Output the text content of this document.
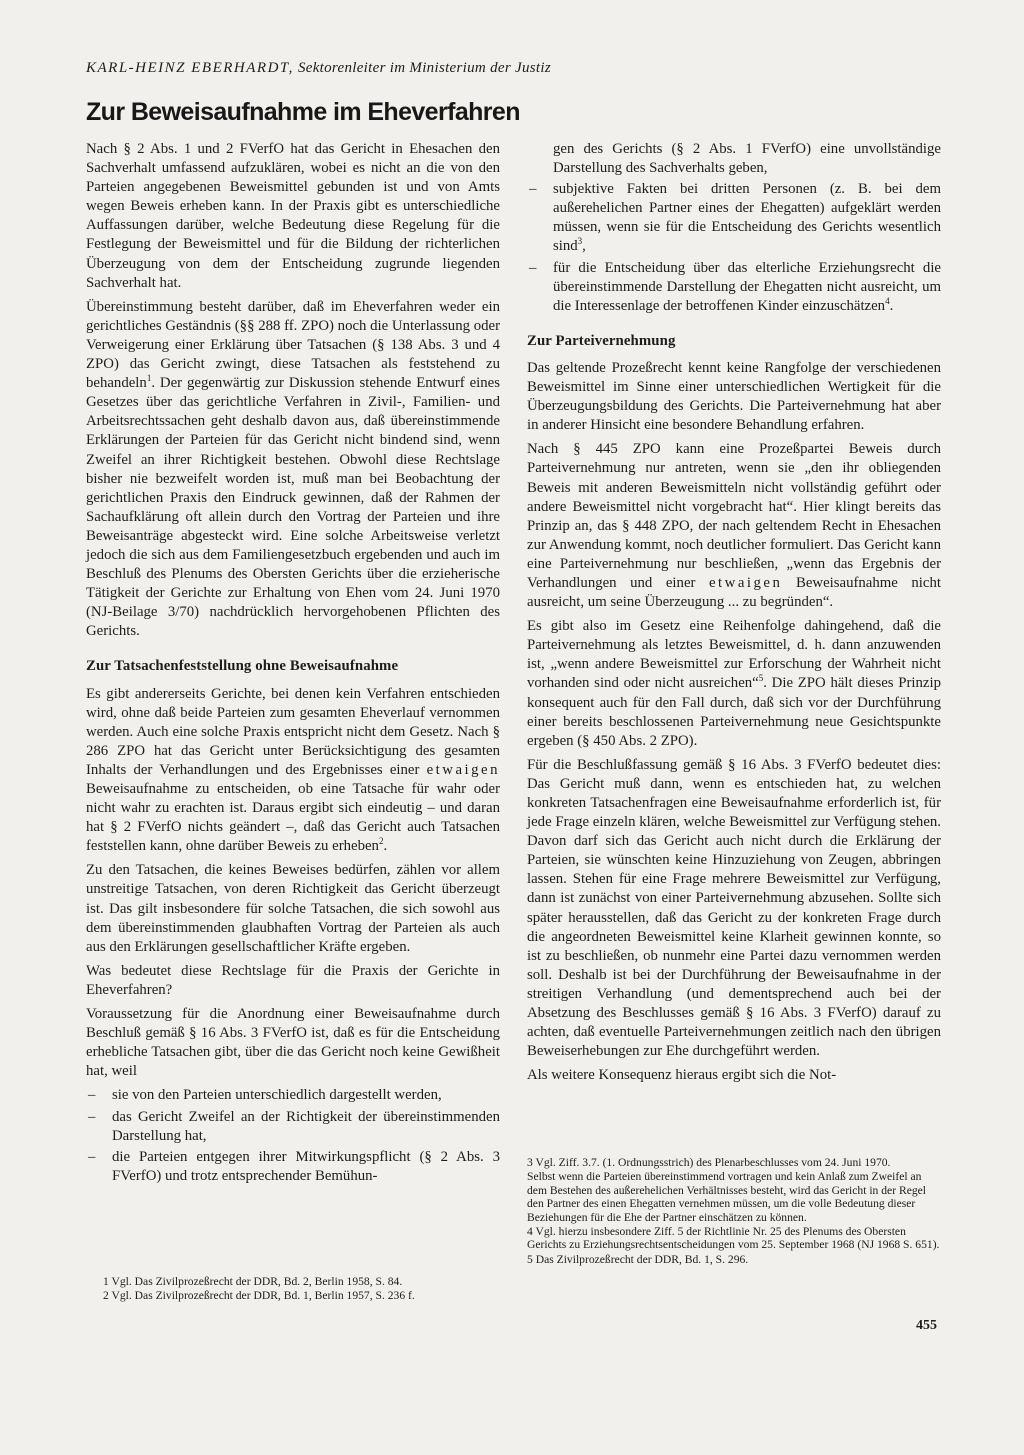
KARL-HEINZ EBERHARDT, Sektorenleiter im Ministerium der Justiz
Zur Beweisaufnahme im Eheverfahren

Nach § 2 Abs. 1 und 2 FVerfO hat das Gericht in Ehesachen den Sachverhalt umfassend aufzuklären, wobei es nicht an die von den Parteien angegebenen Beweismittel gebunden ist und von Amts wegen Beweis erheben kann. In der Praxis gibt es unterschiedliche Auffassungen darüber, welche Bedeutung diese Regelung für die Festlegung der Beweismittel und für die Bildung der richterlichen Überzeugung von dem der Entscheidung zugrunde liegenden Sachverhalt hat.

Übereinstimmung besteht darüber, daß im Eheverfahren weder ein gerichtliches Geständnis (§§ 288 ff. ZPO) noch die Unterlassung oder Verweigerung einer Erklärung über Tatsachen (§ 138 Abs. 3 und 4 ZPO) das Gericht zwingt, diese Tatsachen als feststehend zu behandeln$^1$. Der gegenwärtig zur Diskussion stehende Entwurf eines Gesetzes über das gerichtliche Verfahren in Zivil-, Familien- und Arbeitsrechtssachen geht deshalb davon aus, daß übereinstimmende Erklärungen der Parteien für das Gericht nicht bindend sind, wenn Zweifel an ihrer Richtigkeit bestehen. Obwohl diese Rechtslage bisher nie bezweifelt worden ist, muß man bei Beobachtung der gerichtlichen Praxis den Eindruck gewinnen, daß der Rahmen der Sachaufklärung oft allein durch den Vortrag der Parteien und ihre Beweisanträge abgesteckt wird. Eine solche Arbeitsweise verletzt jedoch die sich aus dem Familiengesetzbuch ergebenden und auch im Beschluß des Plenums des Obersten Gerichts über die erzieherische Tätigkeit der Gerichte zur Erhaltung von Ehen vom 24. Juni 1970 (NJ-Beilage 3/70) nachdrücklich hervorgehobenen Pflichten des Gerichts.

Zur Tatsachenfeststellung ohne Beweisaufnahme

Es gibt andererseits Gerichte, bei denen kein Verfahren entschieden wird, ohne daß beide Parteien zum gesamten Eheverlauf vernommen werden. Auch eine solche Praxis entspricht nicht dem Gesetz. Nach § 286 ZPO hat das Gericht unter Berücksichtigung des gesamten Inhalts der Verhandlungen und des Ergebnisses einer etwaigen Beweisaufnahme zu entscheiden, ob eine Tatsache für wahr oder nicht wahr zu erachten ist. Daraus ergibt sich eindeutig – und daran hat § 2 FVerfO nichts geändert –, daß das Gericht auch Tatsachen feststellen kann, ohne darüber Beweis zu erheben$^2$.

Zu den Tatsachen, die keines Beweises bedürfen, zählen vor allem unstreitige Tatsachen, von deren Richtigkeit das Gericht überzeugt ist. Das gilt insbesondere für solche Tatsachen, die sich sowohl aus dem übereinstimmenden glaubhaften Vortrag der Parteien als auch aus den Erklärungen gesellschaftlicher Kräfte ergeben.

Was bedeutet diese Rechtslage für die Praxis der Gerichte in Eheverfahren?

Voraussetzung für die Anordnung einer Beweisaufnahme durch Beschluß gemäß § 16 Abs. 3 FVerfO ist, daß es für die Entscheidung erhebliche Tatsachen gibt, über die das Gericht noch keine Gewißheit hat, weil

– sie von den Parteien unterschiedlich dargestellt werden,
– das Gericht Zweifel an der Richtigkeit der übereinstimmenden Darstellung hat,
– die Parteien entgegen ihrer Mitwirkungspflicht (§ 2 Abs. 3 FVerfO) und trotz entsprechender Bemühun-
1 Vgl. Das Zivilprozeßrecht der DDR, Bd. 2, Berlin 1958, S. 84.
2 Vgl. Das Zivilprozeßrecht der DDR, Bd. 1, Berlin 1957, S. 236 f.
gen des Gerichts (§ 2 Abs. 1 FVerfO) eine unvollständige Darstellung des Sachverhalts geben,
– subjektive Fakten bei dritten Personen (z. B. bei dem außerehelichen Partner eines der Ehegatten) aufgeklärt werden müssen, wenn sie für die Entscheidung des Gerichts wesentlich sind$^3$,
– für die Entscheidung über das elterliche Erziehungsrecht die übereinstimmende Darstellung der Ehegatten nicht ausreicht, um die Interessenlage der betroffenen Kinder einzuschätzen$^4$.
Zur Parteivernehmung

Das geltende Prozeßrecht kennt keine Rangfolge der verschiedenen Beweismittel im Sinne einer unterschiedlichen Wertigkeit für die Überzeugungsbildung des Gerichts. Die Parteivernehmung hat aber in anderer Hinsicht eine besondere Behandlung erfahren.

Nach § 445 ZPO kann eine Prozeßpartei Beweis durch Parteivernehmung nur antreten, wenn sie „den ihr obliegenden Beweis mit anderen Beweismitteln nicht vollständig geführt oder andere Beweismittel nicht vorgebracht hat“. Hier klingt bereits das Prinzip an, das § 448 ZPO, der nach geltendem Recht in Ehesachen zur Anwendung kommt, noch deutlicher formuliert. Das Gericht kann eine Parteivernehmung nur beschließen, „wenn das Ergebnis der Verhandlungen und einer etwaigen Beweisaufnahme nicht ausreicht, um seine Überzeugung ... zu begründen“.

Es gibt also im Gesetz eine Reihenfolge dahingehend, daß die Parteivernehmung als letztes Beweismittel, d. h. dann anzuwenden ist, „wenn andere Beweismittel zur Erforschung der Wahrheit nicht vorhanden sind oder nicht ausreichen“$^5$. Die ZPO hält dieses Prinzip konsequent auch für den Fall durch, daß sich vor der Durchführung einer bereits beschlossenen Parteivernehmung neue Gesichtspunkte ergeben (§ 450 Abs. 2 ZPO).

Für die Beschlußfassung gemäß § 16 Abs. 3 FVerfO bedeutet dies: Das Gericht muß dann, wenn es entschieden hat, zu welchen konkreten Tatsachenfragen eine Beweisaufnahme erforderlich ist, für jede Frage einzeln klären, welche Beweismittel zur Verfügung stehen. Davon darf sich das Gericht auch nicht durch die Erklärung der Parteien, sie wünschten keine Hinzuziehung von Zeugen, abbringen lassen. Stehen für eine Frage mehrere Beweismittel zur Verfügung, dann ist zunächst von einer Parteivernehmung abzusehen. Sollte sich später herausstellen, daß das Gericht zu der konkreten Frage durch die angeordneten Beweismittel keine Klarheit gewinnen konnte, so ist zu beschließen, ob nunmehr eine Partei dazu vernommen werden soll. Deshalb ist bei der Durchführung der Beweisaufnahme in der streitigen Verhandlung (und dementsprechend auch bei der Absetzung des Beschlusses gemäß § 16 Abs. 3 FVerfO) darauf zu achten, daß eventuelle Parteivernehmungen zeitlich nach den übrigen Beweiserhebungen zur Ehe durchgeführt werden.

Als weitere Konsequenz hieraus ergibt sich die Not-

3 Vgl. Ziff. 3.7. (1. Ordnungsstrich) des Plenarbeschlusses vom 24. Juni 1970.
Selbst wenn die Parteien übereinstimmend vortragen und kein Anlaß zum Zweifel an dem Bestehen des außerehelichen Verhältnisses besteht, wird das Gericht in der Regel den Partner des einen Ehegatten vernehmen müssen, um die volle Bedeutung dieser Beziehungen für die Ehe der Partner einschätzen zu können.
4 Vgl. hierzu insbesondere Ziff. 5 der Richtlinie Nr. 25 des Plenums des Obersten Gerichts zu Erziehungsrechtsentscheidungen vom 25. September 1968 (NJ 1968 S. 651).
5 Das Zivilprozeßrecht der DDR, Bd. 1, S. 296.
455
